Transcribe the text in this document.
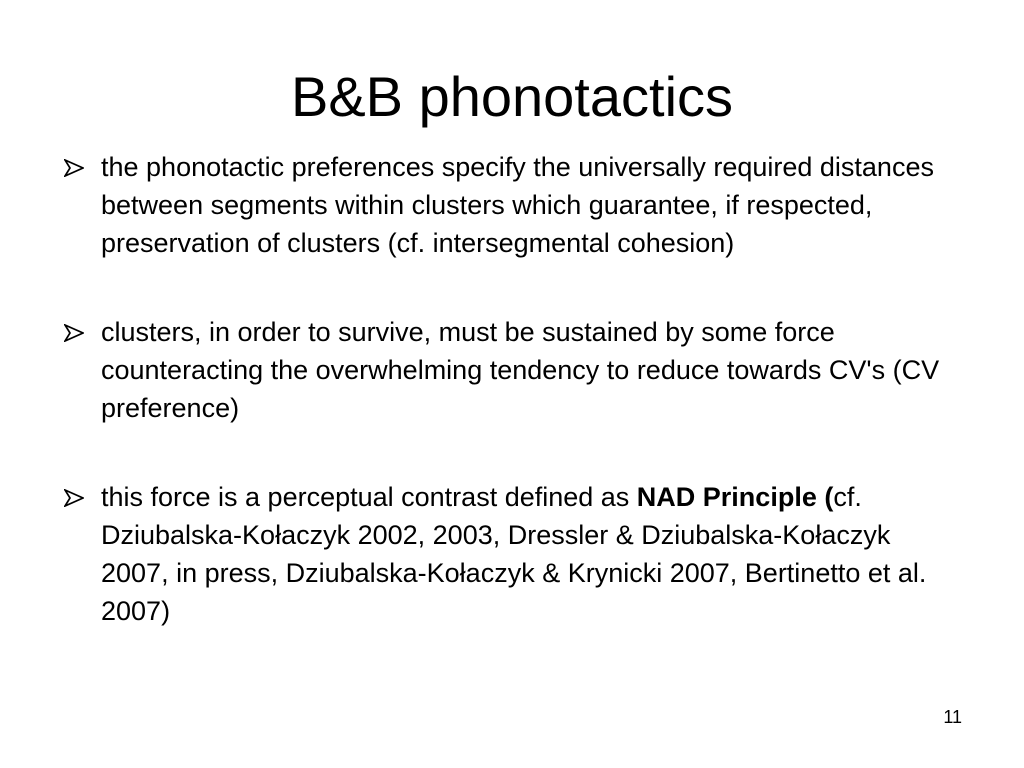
B&B phonotactics
the phonotactic preferences specify the universally required distances between segments within clusters which guarantee, if respected, preservation of clusters (cf. intersegmental cohesion)
clusters, in order to survive, must be sustained by some force counteracting the overwhelming tendency to reduce towards CV's (CV preference)
this force is a perceptual contrast defined as NAD Principle (cf. Dziubalska-Kołaczyk 2002, 2003, Dressler & Dziubalska-Kołaczyk 2007, in press, Dziubalska-Kołaczyk & Krynicki 2007, Bertinetto et al. 2007)
11
